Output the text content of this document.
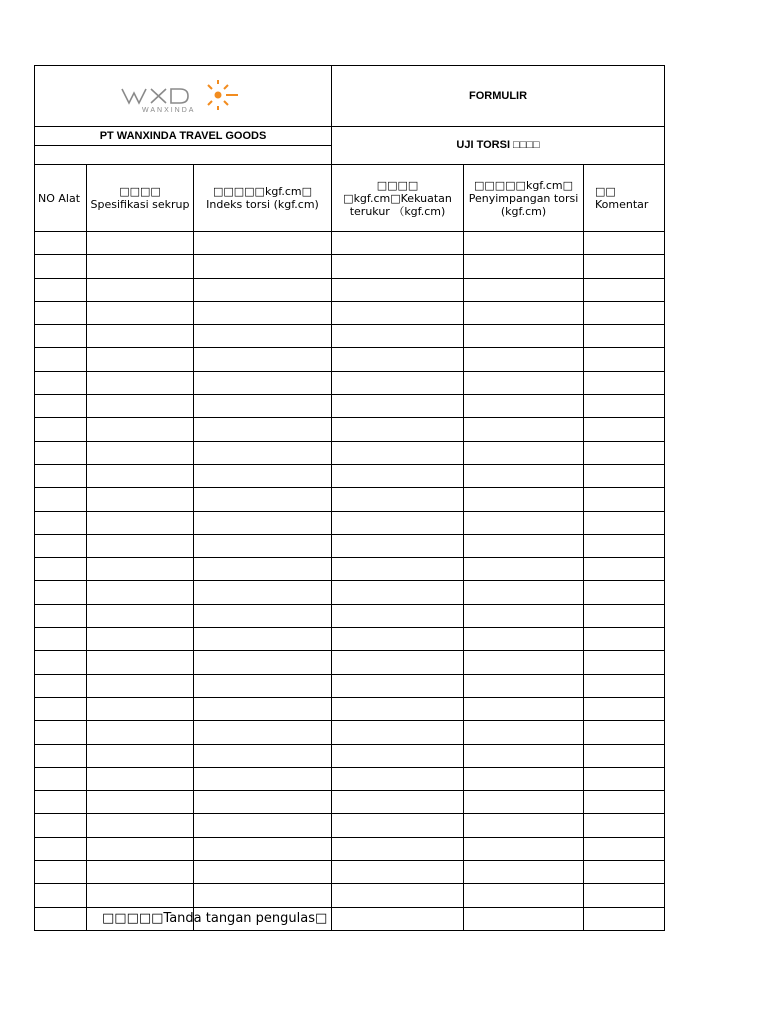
WANXINDA			FORMULIR		
PT WANXINDA TRAVEL GOODS			UJI TORSI □□□□		

NO Alat	□□□□ Spesifikasi sekrup	□□□□□kgf.cm□ Indeks torsi (kgf.cm)	□□□□ □kgf.cm□Kekuatan terukur （kgf.cm)	□□□□□kgf.cm□ Penyimpangan torsi (kgf.cm)	□□ Komentar

□□□□□Tanda tangan pengulas□
